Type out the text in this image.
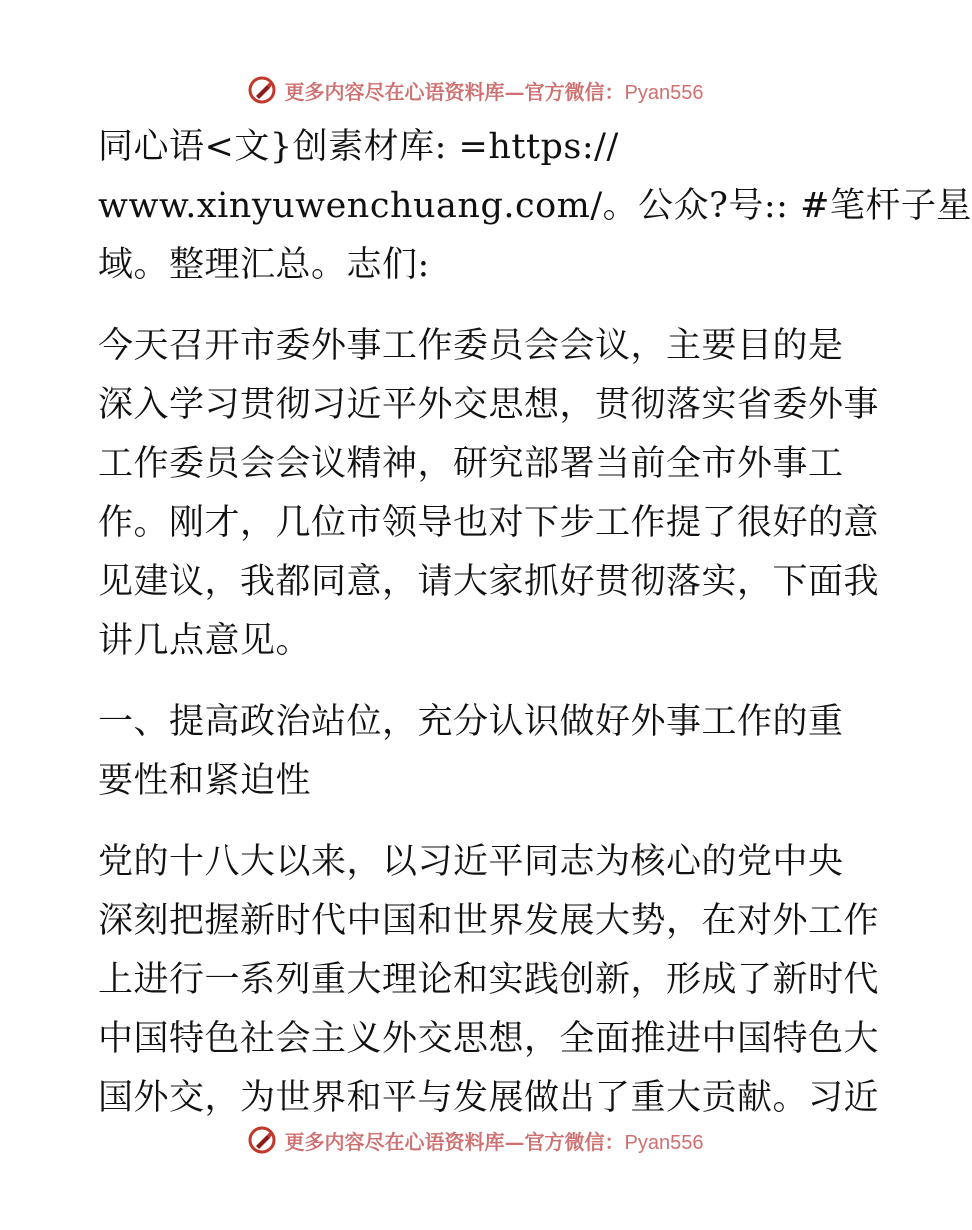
更多内容尽在心语资料库—官方微信：Pyan556

同心语<文}创素材库: =https://
www.xinyuwenchuang.com/。公众?号:: #笔杆子星
域。整理汇总。志们:

今天召开市委外事工作委员会会议，主要目的是
深入学习贯彻习近平外交思想，贯彻落实省委外事
工作委员会会议精神，研究部署当前全市外事工
作。刚才，几位市领导也对下步工作提了很好的意
见建议，我都同意，请大家抓好贯彻落实，下面我
讲几点意见。

一、提高政治站位，充分认识做好外事工作的重
要性和紧迫性

党的十八大以来，以习近平同志为核心的党中央
深刻把握新时代中国和世界发展大势，在对外工作
上进行一系列重大理论和实践创新，形成了新时代
中国特色社会主义外交思想，全面推进中国特色大
国外交，为世界和平与发展做出了重大贡献。习近

更多内容尽在心语资料库—官方微信：Pyan556
